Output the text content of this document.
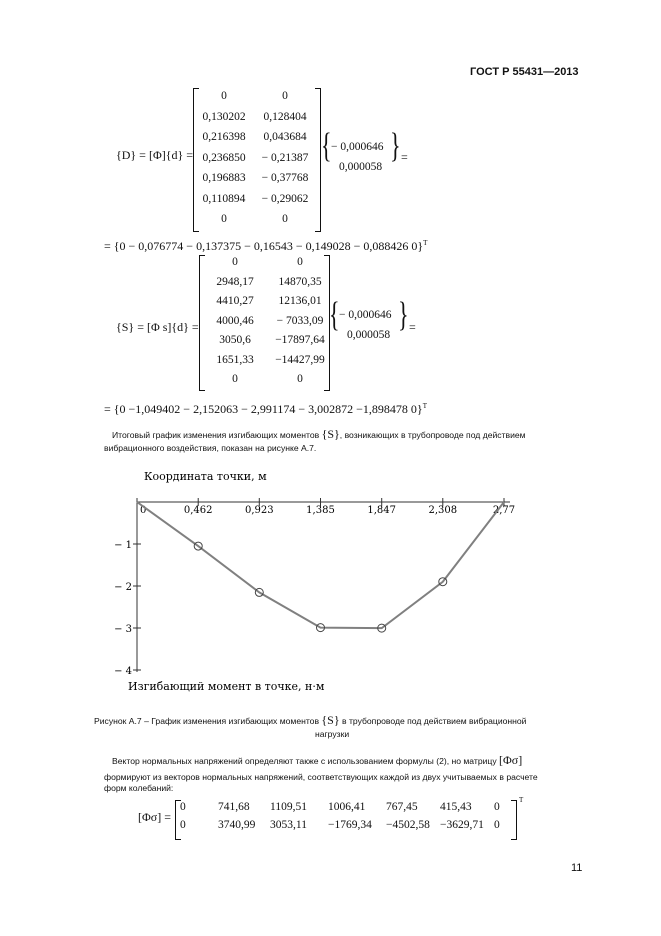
ГОСТ Р 55431—2013
{D} = [Φ]{d} =
0	0
0,130202	0,128404
0,216398	0,043684
0,236850	− 0,21387
0,196883	− 0,37768
0,110894	− 0,29062
0	0
{ − 0,000646
0,000058
} =
= {0 − 0,076774 − 0,137375 − 0,16543 − 0,149028 − 0,088426 0}$^T$
{S} = [Φ s]{d} =
0	0
2948,17	14870,35
4410,27	12136,01
4000,46	− 7033,09
3050,6	−17897,64
1651,33	−14427,99
0	0
{ − 0,000646
0,000058
} =
= {0 −1,049402 − 2,152063 − 2,991174 − 3,002872 −1,898478 0}$^T$
Итоговый график изменения изгибающих моментов {S}, возникающих в трубопроводе под действием
вибрационного воздействия, показан на рисунке А.7.
Координата точки, м
Изгибающий момент в точке, н·м
0	0,462	0,923	1,385	1,847	2,308	2,77
− 1
− 2
− 3
− 4
Рисунок А.7 – График изменения изгибающих моментов {S} в трубопроводе под действием вибрационной
нагрузки
Вектор нормальных напряжений определяют также с использованием формулы (2), но матрицу [Φσ]
формируют из векторов нормальных напряжений, соответствующих каждой из двух учитываемых в расчете
форм колебаний:
[Φσ] =
0	741,68 1109,51 1006,41 767,45 415,43 0
0	3740,99 3053,11 −1769,34 −4502,58 −3629,71 0
T
11
